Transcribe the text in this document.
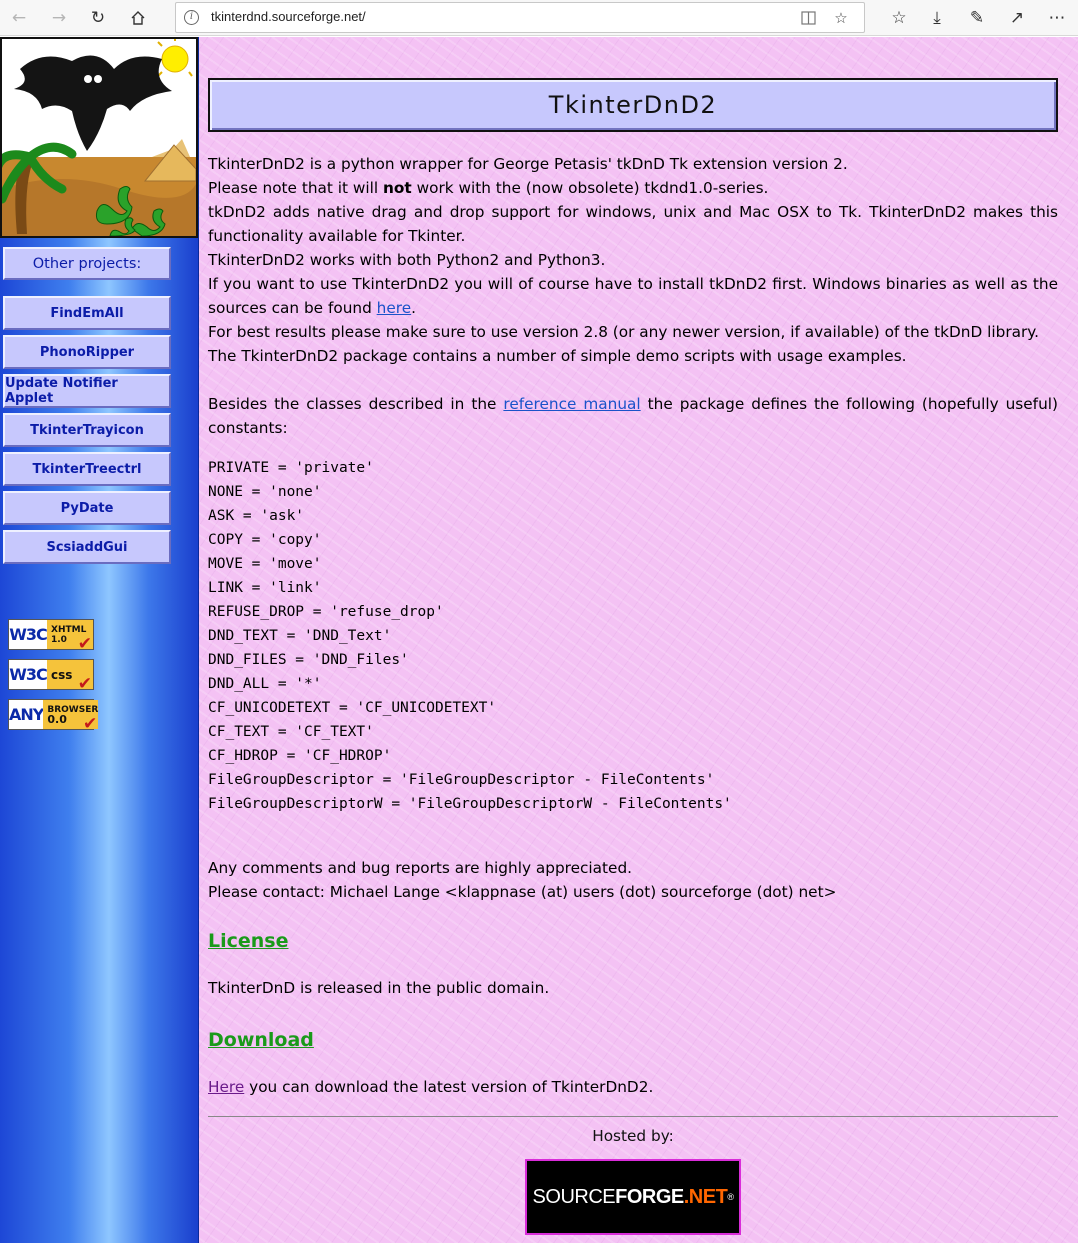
←	→	↻	i	tkinterdnd.sourceforge.net/	☆	☆	⤓	✎	↗	⋯
Other projects:
FindEmAll
PhonoRipper
Update Notifier Applet
TkinterTrayicon
TkinterTreectrl
PyDate
ScsiaddGui
W3C XHTML
1.0 ✔
W3C css ✔
ANY BROWSER
0.0 ✔
TkinterDnD2
TkinterDnD2 is a python wrapper for George Petasis' tkDnD Tk extension version 2.
Please note that it will not work with the (now obsolete) tkdnd1.0-series.
tkDnD2 adds native drag and drop support for windows, unix and Mac OSX to Tk. TkinterDnD2 makes this functionality available for Tkinter.
TkinterDnD2 works with both Python2 and Python3.
If you want to use TkinterDnD2 you will of course have to install tkDnD2 first. Windows binaries as well as the sources can be found here.
For best results please make sure to use version 2.8 (or any newer version, if available) of the tkDnD library.
The TkinterDnD2 package contains a number of simple demo scripts with usage examples.
Besides the classes described in the reference manual the package defines the following (hopefully useful) constants:
PRIVATE = 'private'
NONE = 'none'
ASK = 'ask'
COPY = 'copy'
MOVE = 'move'
LINK = 'link'
REFUSE_DROP = 'refuse_drop'
DND_TEXT = 'DND_Text'
DND_FILES = 'DND_Files'
DND_ALL = '*'
CF_UNICODETEXT = 'CF_UNICODETEXT'
CF_TEXT = 'CF_TEXT'
CF_HDROP = 'CF_HDROP'
FileGroupDescriptor = 'FileGroupDescriptor - FileContents'
FileGroupDescriptorW = 'FileGroupDescriptorW - FileContents'
Any comments and bug reports are highly appreciated.
Please contact: Michael Lange <klappnase (at) users (dot) sourceforge (dot) net>
License
TkinterDnD is released in the public domain.
Download
Here you can download the latest version of TkinterDnD2.
Hosted by:
SOURCE FORGE .NET ®
